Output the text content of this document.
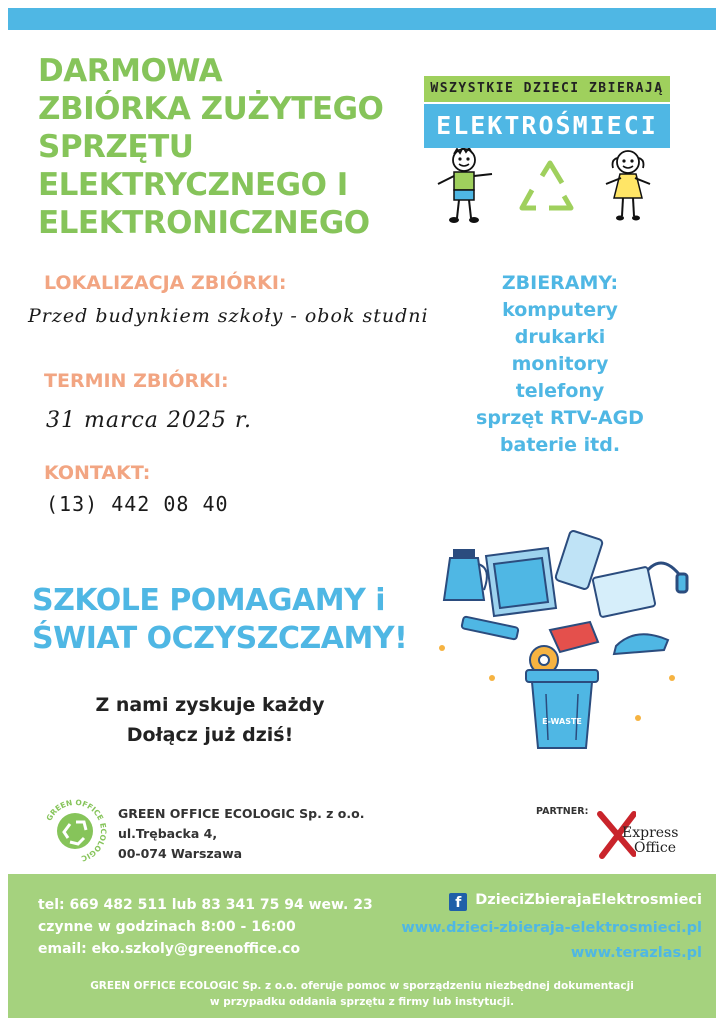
DARMOWA
ZBIÓRKA ZUŻYTEGO
SPRZĘTU
ELEKTRYCZNEGO I
ELEKTRONICZNEGO
WSZYSTKIE DZIECI ZBIERAJĄ
ELEKTROŚMIECI
LOKALIZACJA ZBIÓRKI:
Przed budynkiem szkoły - obok studni
TERMIN ZBIÓRKI:
31 marca 2025 r.
KONTAKT:
(13) 442 08 40
ZBIERAMY:
komputery
drukarki
monitory
telefony
sprzęt RTV-AGD
baterie itd.
SZKOLE POMAGAMY i
ŚWIAT OCZYSZCZAMY!
Z nami zyskuje każdy
Dołącz już dziś!
E-WASTE
GREEN OFFICE ECOLOGIC
GREEN OFFICE ECOLOGIC Sp. z o.o.
ul.Trębacka 4,
00-074 Warszawa
PARTNER:
Express
Office
tel: 669 482 511 lub 83 341 75 94 wew. 23
czynne w godzinach 8:00 - 16:00
email: eko.szkoly@greenoffice.co
f DzieciZbierajaElektrosmieci
www.dzieci-zbieraja-elektrosmieci.pl
www.terazlas.pl
GREEN OFFICE ECOLOGIC Sp. z o.o. oferuje pomoc w sporządzeniu niezbędnej dokumentacji
w przypadku oddania sprzętu z firmy lub instytucji.
